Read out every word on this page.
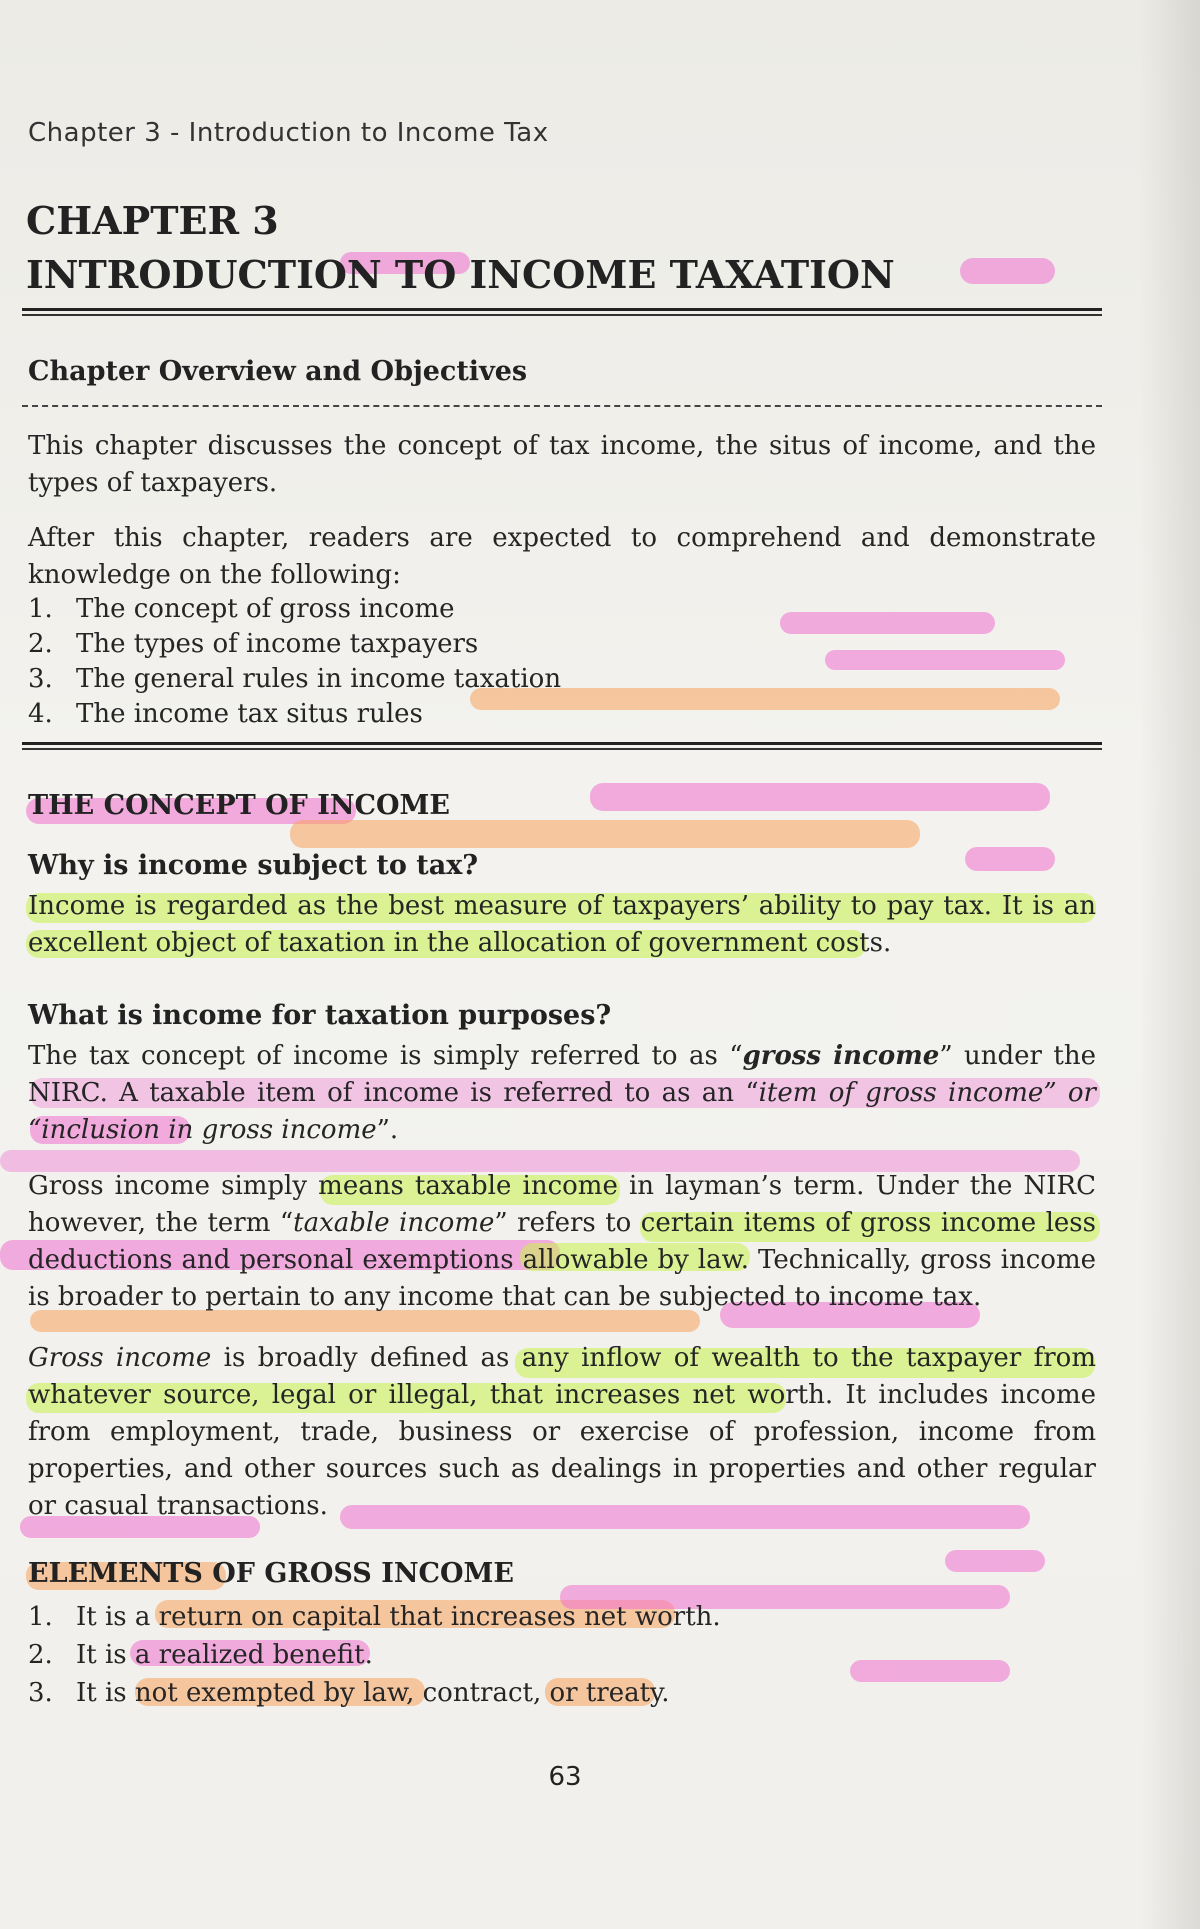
Chapter 3 - Introduction to Income Tax
CHAPTER 3
INTRODUCTION TO INCOME TAXATION
Chapter Overview and Objectives
This chapter discusses the concept of tax income, the situs of income, and the types of taxpayers.
After this chapter, readers are expected to comprehend and demonstrate knowledge on the following:
1. The concept of gross income
2. The types of income taxpayers
3. The general rules in income taxation
4. The income tax situs rules
THE CONCEPT OF INCOME
Why is income subject to tax?
Income is regarded as the best measure of taxpayers’ ability to pay tax. It is an excellent object of taxation in the allocation of government costs.
What is income for taxation purposes?
The tax concept of income is simply referred to as “gross income” under the NIRC. A taxable item of income is referred to as an “item of gross income” or “inclusion in gross income”.
Gross income simply means taxable income in layman’s term. Under the NIRC however, the term “taxable income” refers to certain items of gross income less deductions and personal exemptions allowable by law. Technically, gross income is broader to pertain to any income that can be subjected to income tax.
Gross income is broadly defined as any inflow of wealth to the taxpayer from whatever source, legal or illegal, that increases net worth. It includes income from employment, trade, business or exercise of profession, income from properties, and other sources such as dealings in properties and other regular or casual transactions.
ELEMENTS OF GROSS INCOME
1. It is a return on capital that increases net worth.
2. It is a realized benefit.
3. It is not exempted by law, contract, or treaty.
63
